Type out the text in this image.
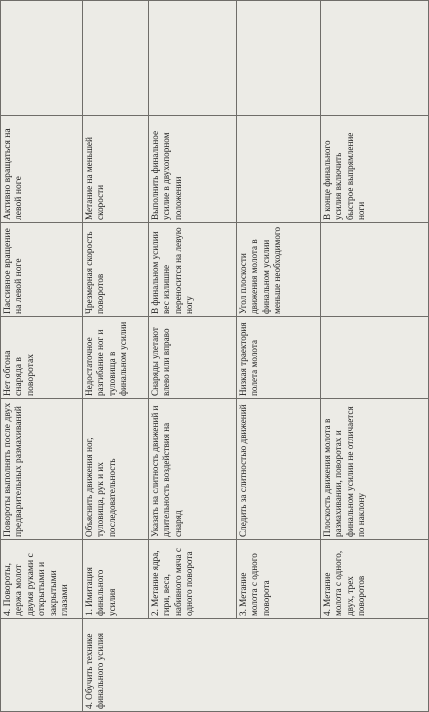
4. Повороты, держа молот двумя руками с открытыми и закрытыми глазами
Повороты выполнять после двух предварительных размахиваний
Нет обгона снаряда в поворотах
Пассивное вращение на левой ноге
Активно вращаться на левой ноге
4. Обучить технике финального усилия
1. Имитация финального усилия
Объяснить движения ног, туловища, рук и их последовательность
Недостаточное разгибание ног и туловища в финальном усилии
Чрезмерная скорость поворотов
Метание на меньшей скорости
2. Метание ядра, гири, веса, набивного мяча с одного поворота
Указать на слитность движений и длительность воздействия на снаряд
Снаряды улетают влево или вправо
В финальном усилии вес излишне переносится на левую ногу
Выполнить финальное усилие в двухопорном положении
3. Метание молота с одного поворота
Следить за слитностью движений
Низкая траектория полета молота
Угол плоскости движения молота в финальном усилии меньше необходимого
4. Метание молота с одного, двух, трех поворотов
Плоскость движения молота в размахивании, поворотах и финальном усилии не отличается по наклону
В конце финального усилия включить быстрое выпрямление ноги
